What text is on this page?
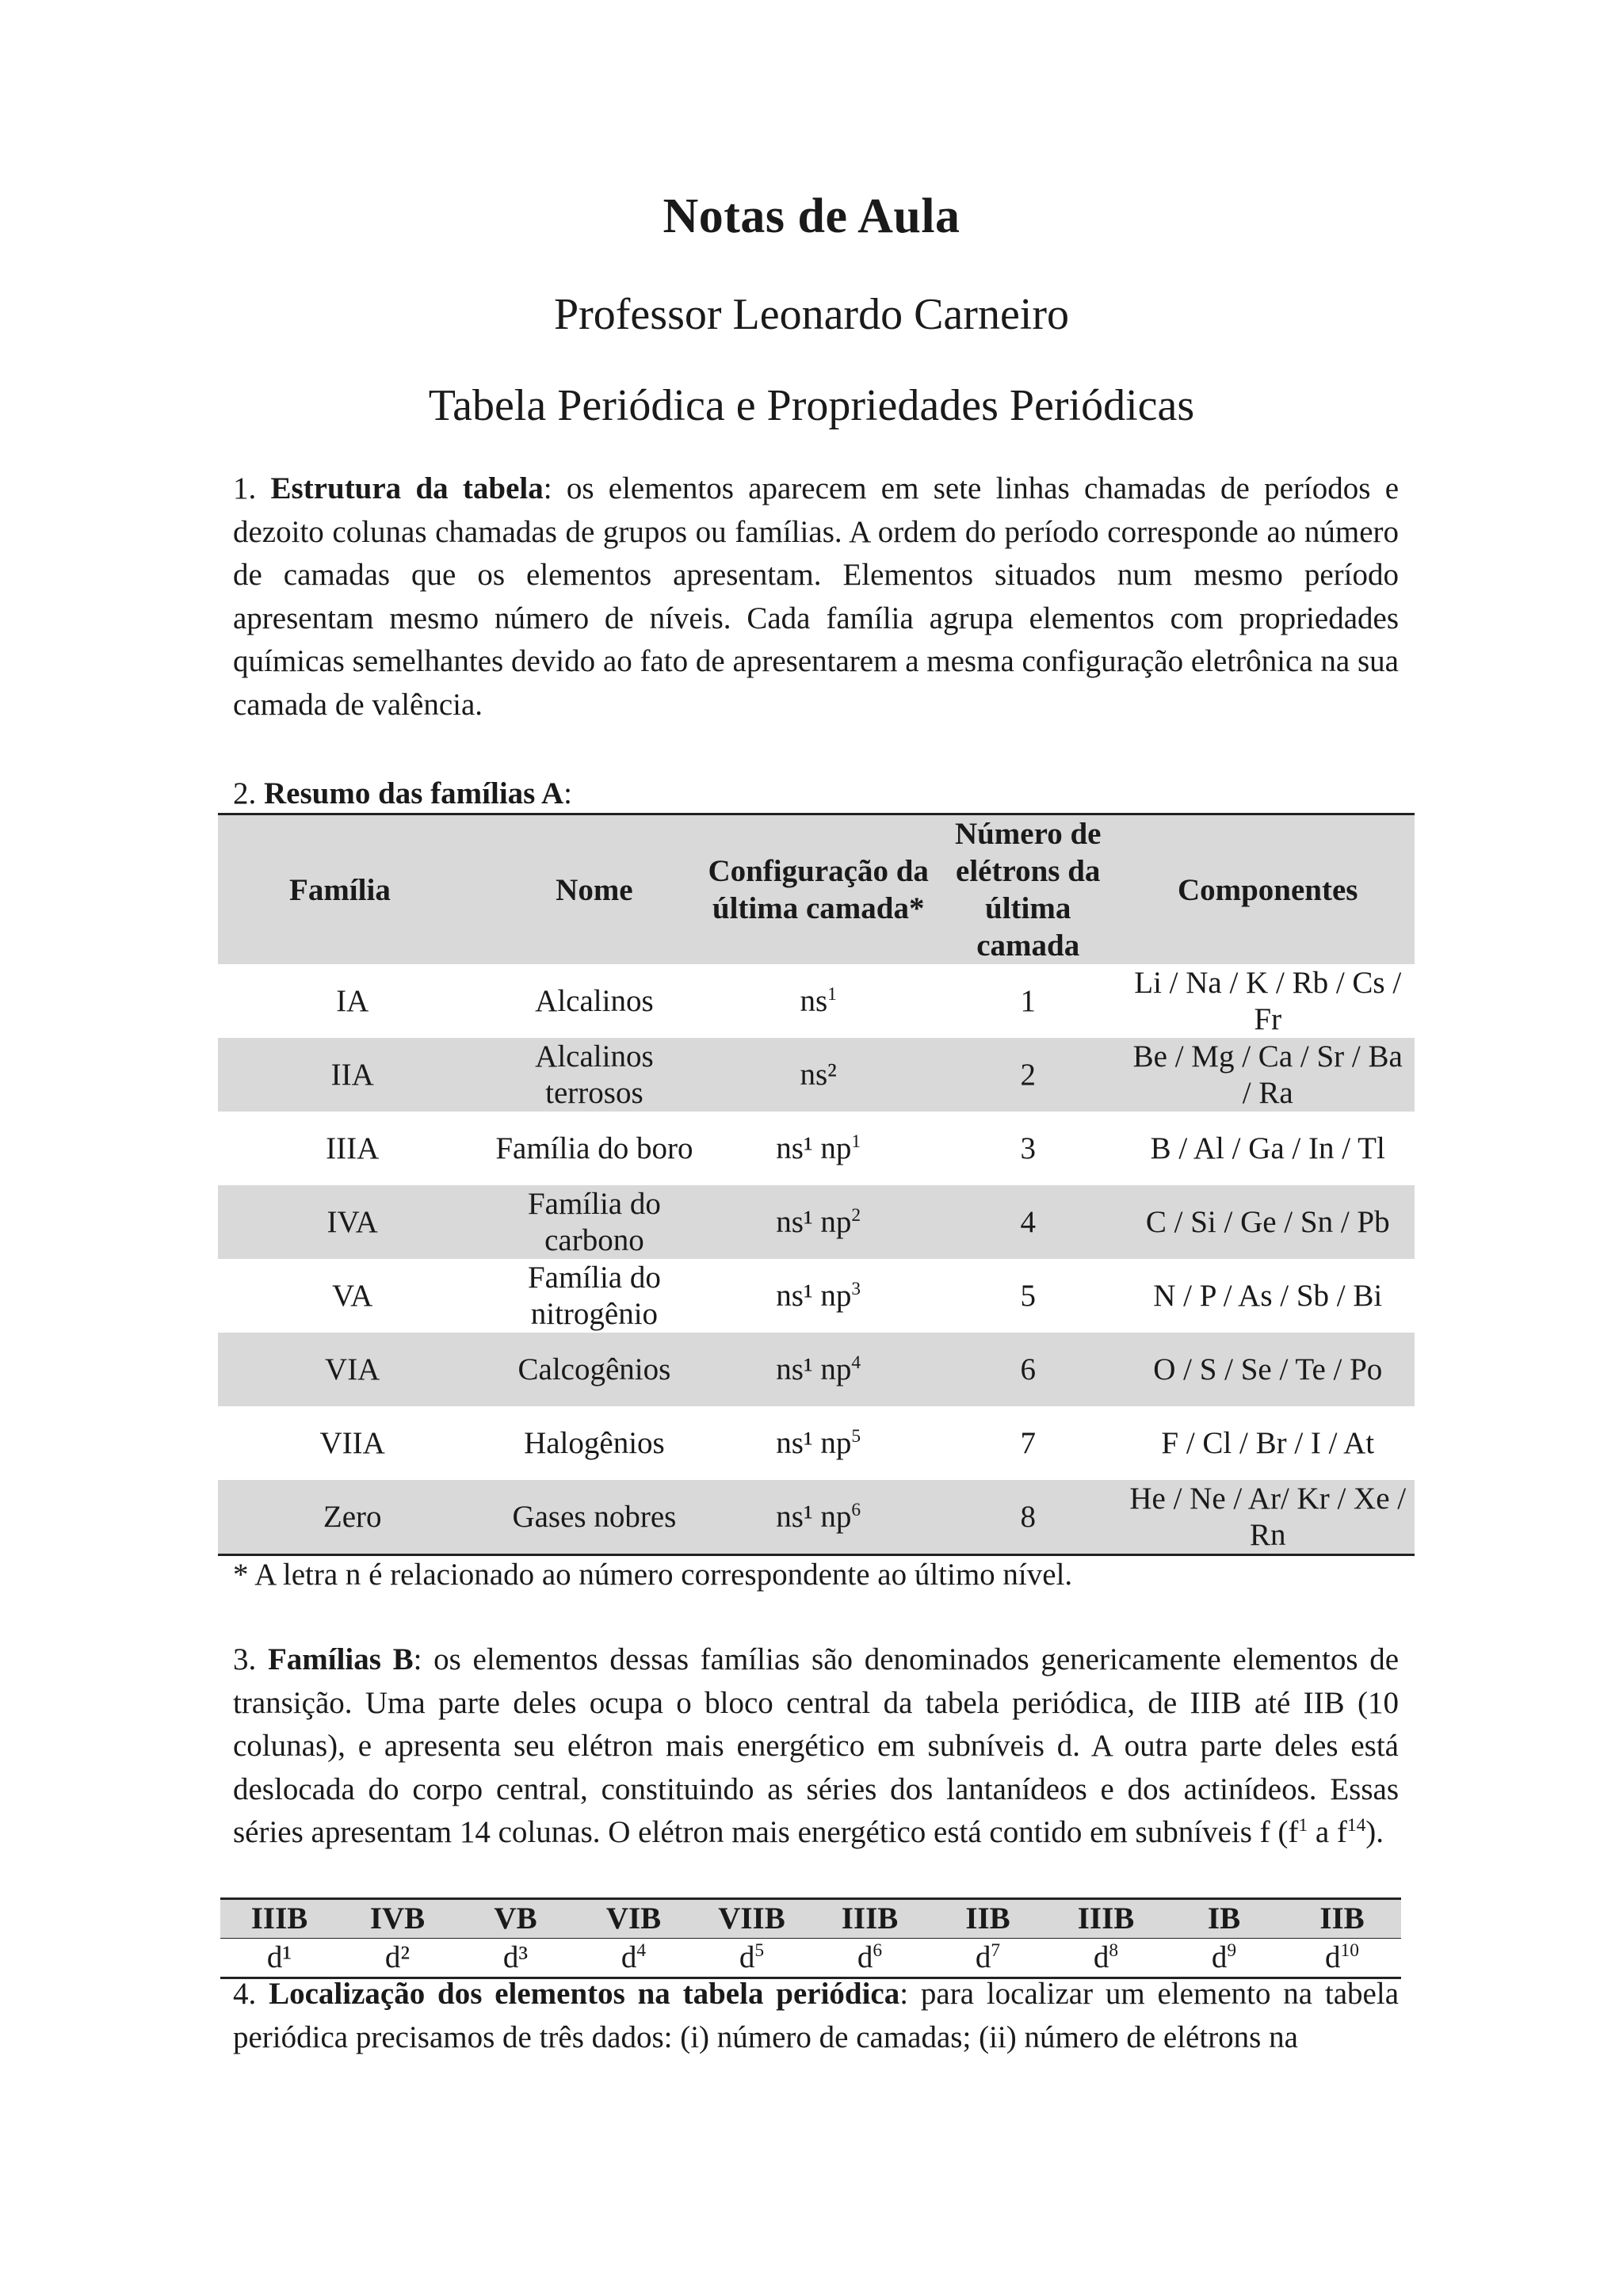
Notas de Aula
Professor Leonardo Carneiro
Tabela Periódica e Propriedades Periódicas

1. Estrutura da tabela: os elementos aparecem em sete linhas chamadas de períodos e dezoito colunas chamadas de grupos ou famílias. A ordem do período corresponde ao número de camadas que os elementos apresentam. Elementos situados num mesmo período apresentam mesmo número de níveis. Cada família agrupa elementos com propriedades químicas semelhantes devido ao fato de apresentarem a mesma configuração eletrônica na sua camada de valência.

2. Resumo das famílias A:

Família	Nome	Configuração da última camada*	Número de elétrons da última camada	Componentes
IA	Alcalinos	$ns^1$	1	Li / Na / K / Rb / Cs / Fr
IIA	Alcalinos terrosos	ns²	2	Be / Mg / Ca / Sr / Ba / Ra
IIIA	Família do boro	ns¹ $np^1$	3	B / Al / Ga / In / Tl
IVA	Família do carbono	ns¹ $np^2$	4	C / Si / Ge / Sn / Pb
VA	Família do nitrogênio	ns¹ $np^3$	5	N / P / As / Sb / Bi
VIA	Calcogênios	ns¹ $np^4$	6	O / S / Se / Te / Po
VIIA	Halogênios	ns¹ $np^5$	7	F / Cl / Br / I / At
Zero	Gases nobres	ns¹ $np^6$	8	He / Ne / Ar/ Kr / Xe / Rn
* A letra n é relacionado ao número correspondente ao último nível.

3. Famílias B: os elementos dessas famílias são denominados genericamente elementos de transição. Uma parte deles ocupa o bloco central da tabela periódica, de IIIB até IIB (10 colunas), e apresenta seu elétron mais energético em subníveis d. A outra parte deles está deslocada do corpo central, constituindo as séries dos lantanídeos e dos actinídeos. Essas séries apresentam 14 colunas. O elétron mais energético está contido em subníveis f ($f^1$ a $f^{14}$).

IIIB	IVB	VB	VIB	VIIB	IIIB	IIB	IIIB	IB	IIB
d¹	d²	d³	$d^4$	$d^5$	$d^6$	$d^7$	$d^8$	$d^9$	$d^{10}$

4. Localização dos elementos na tabela periódica: para localizar um elemento na tabela periódica precisamos de três dados: (i) número de camadas; (ii) número de elétrons na
